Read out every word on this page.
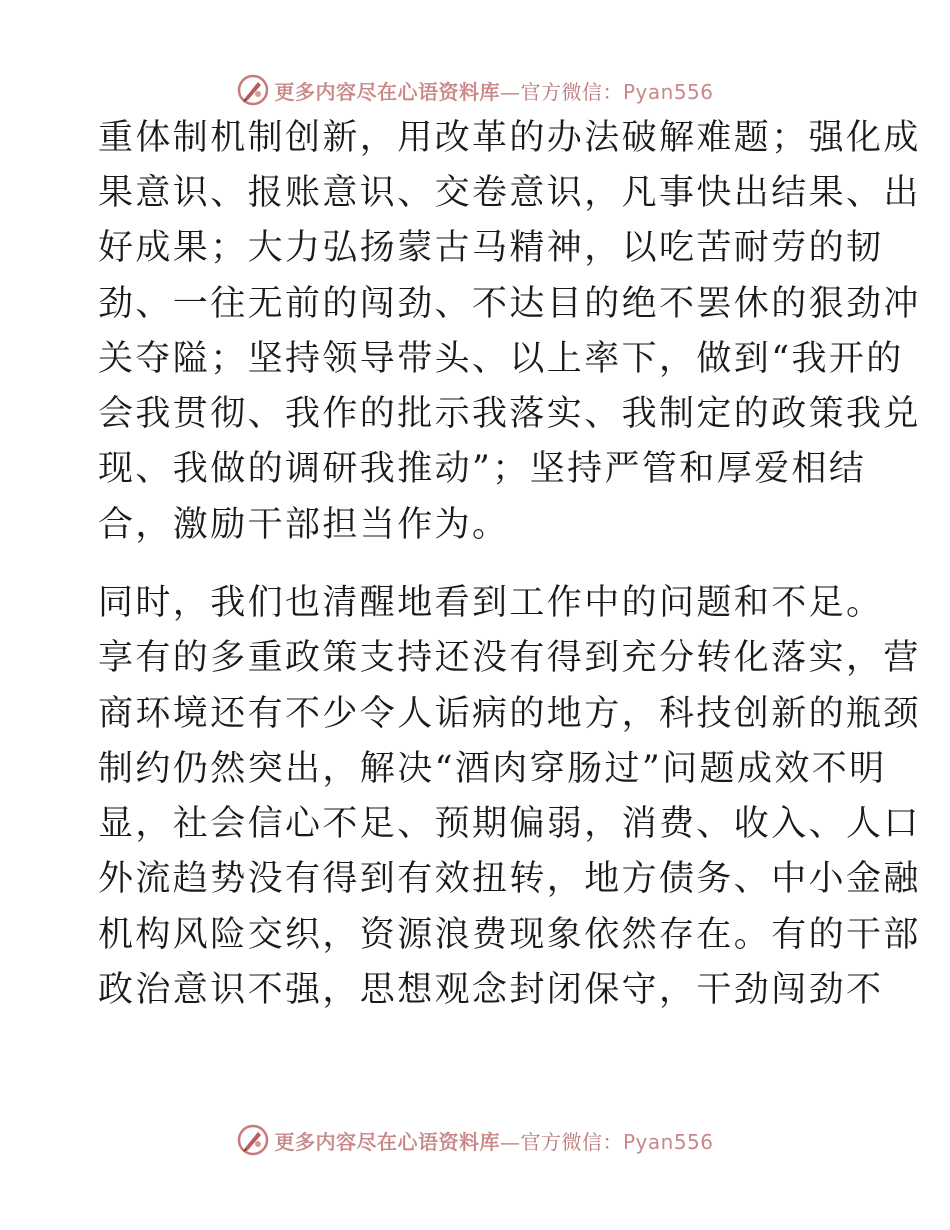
更多内容尽在心语资料库—官方微信：Pyan556
重体制机制创新，用改革的办法破解难题；强化成
果意识、报账意识、交卷意识，凡事快出结果、出
好成果；大力弘扬蒙古马精神，以吃苦耐劳的韧
劲、一往无前的闯劲、不达目的绝不罢休的狠劲冲
关夺隘；坚持领导带头、以上率下，做到“我开的
会我贯彻、我作的批示我落实、我制定的政策我兑
现、我做的调研我推动”；坚持严管和厚爱相结
合，激励干部担当作为。
同时，我们也清醒地看到工作中的问题和不足。
享有的多重政策支持还没有得到充分转化落实，营
商环境还有不少令人诟病的地方，科技创新的瓶颈
制约仍然突出，解决“酒肉穿肠过”问题成效不明
显，社会信心不足、预期偏弱，消费、收入、人口
外流趋势没有得到有效扭转，地方债务、中小金融
机构风险交织，资源浪费现象依然存在。有的干部
政治意识不强，思想观念封闭保守，干劲闯劲不
更多内容尽在心语资料库—官方微信：Pyan556
